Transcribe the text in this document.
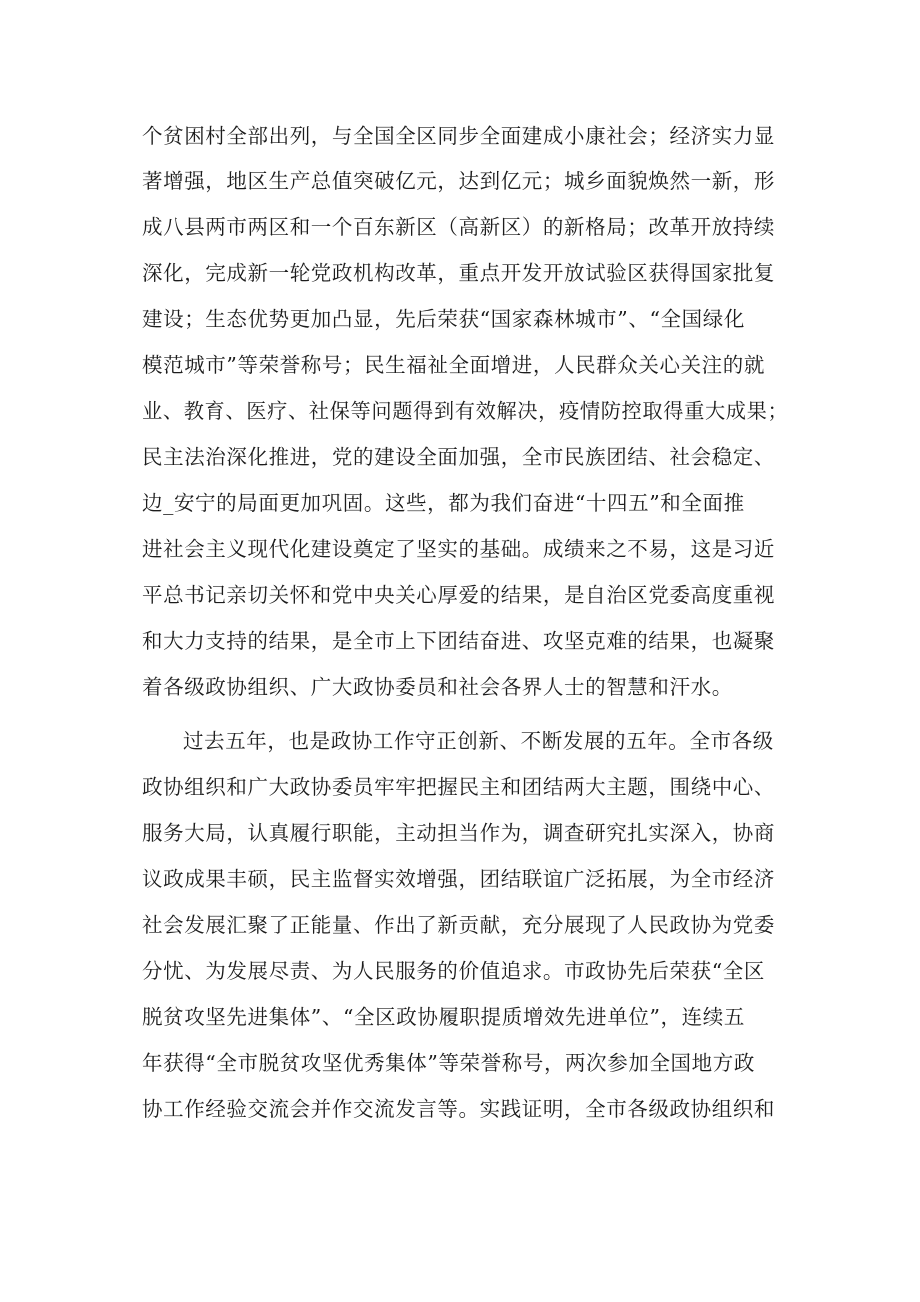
个贫困村全部出列，与全国全区同步全面建成小康社会；经济实力显
著增强，地区生产总值突破亿元，达到亿元；城乡面貌焕然一新，形
成八县两市两区和一个百东新区（高新区）的新格局；改革开放持续
深化，完成新一轮党政机构改革，重点开发开放试验区获得国家批复
建设；生态优势更加凸显，先后荣获“国家森林城市”、“全国绿化
模范城市”等荣誉称号；民生福祉全面增进，人民群众关心关注的就
业、教育、医疗、社保等问题得到有效解决，疫情防控取得重大成果；
民主法治深化推进，党的建设全面加强，全市民族团结、社会稳定、
边_安宁的局面更加巩固。这些，都为我们奋进“十四五”和全面推
进社会主义现代化建设奠定了坚实的基础。成绩来之不易，这是习近
平总书记亲切关怀和党中央关心厚爱的结果，是自治区党委高度重视
和大力支持的结果，是全市上下团结奋进、攻坚克难的结果，也凝聚
着各级政协组织、广大政协委员和社会各界人士的智慧和汗水。
过去五年，也是政协工作守正创新、不断发展的五年。全市各级
政协组织和广大政协委员牢牢把握民主和团结两大主题，围绕中心、
服务大局，认真履行职能，主动担当作为，调查研究扎实深入，协商
议政成果丰硕，民主监督实效增强，团结联谊广泛拓展，为全市经济
社会发展汇聚了正能量、作出了新贡献，充分展现了人民政协为党委
分忧、为发展尽责、为人民服务的价值追求。市政协先后荣获“全区
脱贫攻坚先进集体”、“全区政协履职提质增效先进单位”，连续五
年获得“全市脱贫攻坚优秀集体”等荣誉称号，两次参加全国地方政
协工作经验交流会并作交流发言等。实践证明，全市各级政协组织和
